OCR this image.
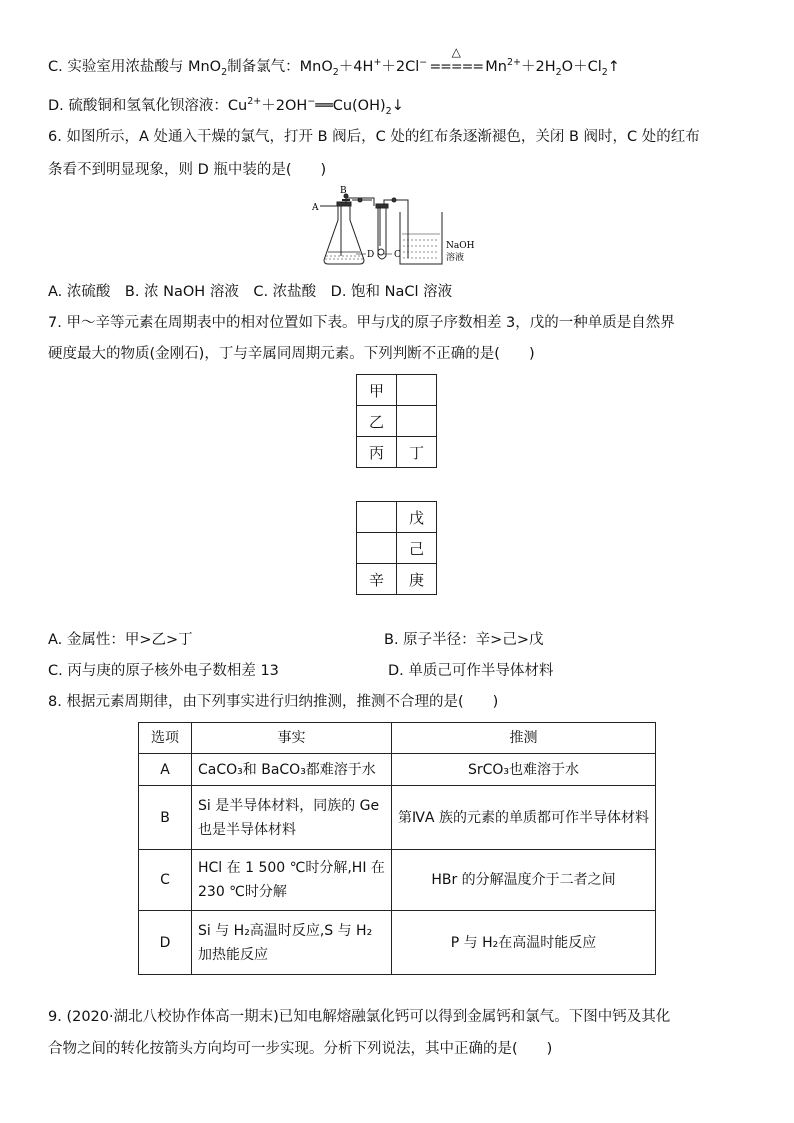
C. 实验室用浓盐酸与 MnO$_2$制备氯气：MnO$_2$＋4H+＋2Cl−
△
===== $Mn^{2+}+2H_2O+Cl_2↑$
D. 硫酸铜和氢氧化钡溶液：$Cu^{2+}+2OH^-══Cu(OH)_2↓$
6. 如图所示，A 处通入干燥的氯气，打开 B 阀后，C 处的红布条逐渐褪色，关闭 B 阀时，C 处的红布
条看不到明显现象，则 D 瓶中装的是(　　)
A
B
D C
NaOH
溶液
A. 浓硫酸　B. 浓 NaOH 溶液　C. 浓盐酸　D. 饱和 NaCl 溶液
7. 甲～辛等元素在周期表中的相对位置如下表。甲与戊的原子序数相差 3，戊的一种单质是自然界
硬度最大的物质(金刚石)，丁与辛属同周期元素。下列判断不正确的是(　　)
甲	
乙	
丙	丁
	戊
	己
辛	庚
A. 金属性：甲>乙>丁	B. 原子半径：辛>己>戊
C. 丙与庚的原子核外电子数相差 13	D. 单质己可作半导体材料
8. 根据元素周期律，由下列事实进行归纳推测，推测不合理的是(　　)
选项	事实	推测
A	CaCO₃和 BaCO₃都难溶于水	SrCO₃也难溶于水
B	Si 是半导体材料，同族的 Ge 也是半导体材料	第ⅣA 族的元素的单质都可作半导体材料
C	HCl 在 1 500 ℃时分解,HI 在 230 ℃时分解	HBr 的分解温度介于二者之间
D	Si 与 H₂高温时反应,S 与 H₂加热能反应	P 与 H₂在高温时能反应
9. (2020·湖北八校协作体高一期末)已知电解熔融氯化钙可以得到金属钙和氯气。下图中钙及其化
合物之间的转化按箭头方向均可一步实现。分析下列说法，其中正确的是(　　)
